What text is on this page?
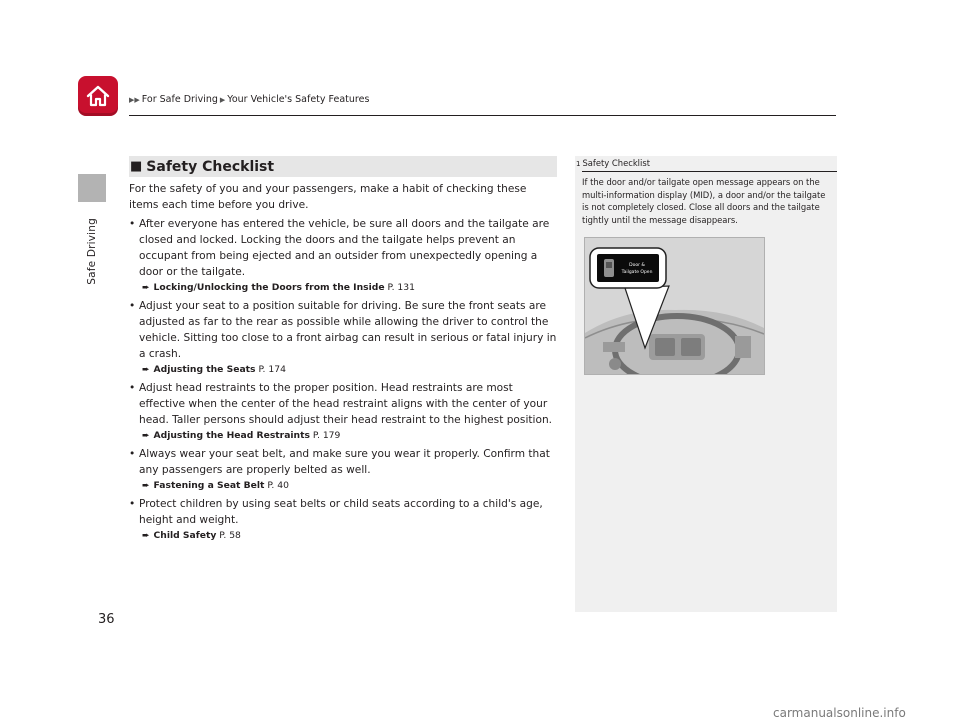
▶▶ For Safe Driving ▶ Your Vehicle's Safety Features
Safe Driving
■ Safety Checklist

For the safety of you and your passengers, make a habit of checking these items each time before you drive.

• After everyone has entered the vehicle, be sure all doors and the tailgate are closed and locked. Locking the doors and the tailgate helps prevent an occupant from being ejected and an outsider from unexpectedly opening a door or the tailgate.
➨ Locking/Unlocking the Doors from the Inside P. 131
• Adjust your seat to a position suitable for driving. Be sure the front seats are adjusted as far to the rear as possible while allowing the driver to control the vehicle. Sitting too close to a front airbag can result in serious or fatal injury in a crash.
➨ Adjusting the Seats P. 174
• Adjust head restraints to the proper position. Head restraints are most effective when the center of the head restraint aligns with the center of your head. Taller persons should adjust their head restraint to the highest position.
➨ Adjusting the Head Restraints P. 179
• Always wear your seat belt, and make sure you wear it properly. Confirm that any passengers are properly belted as well.
➨ Fastening a Seat Belt P. 40
• Protect children by using seat belts or child seats according to a child's age, height and weight.
➨ Child Safety P. 58
1 Safety Checklist
If the door and/or tailgate open message appears on the multi-information display (MID), a door and/or the tailgate is not completely closed. Close all doors and the tailgate tightly until the message disappears.
Door &
Tailgate Open
36
carmanualsonline.info
